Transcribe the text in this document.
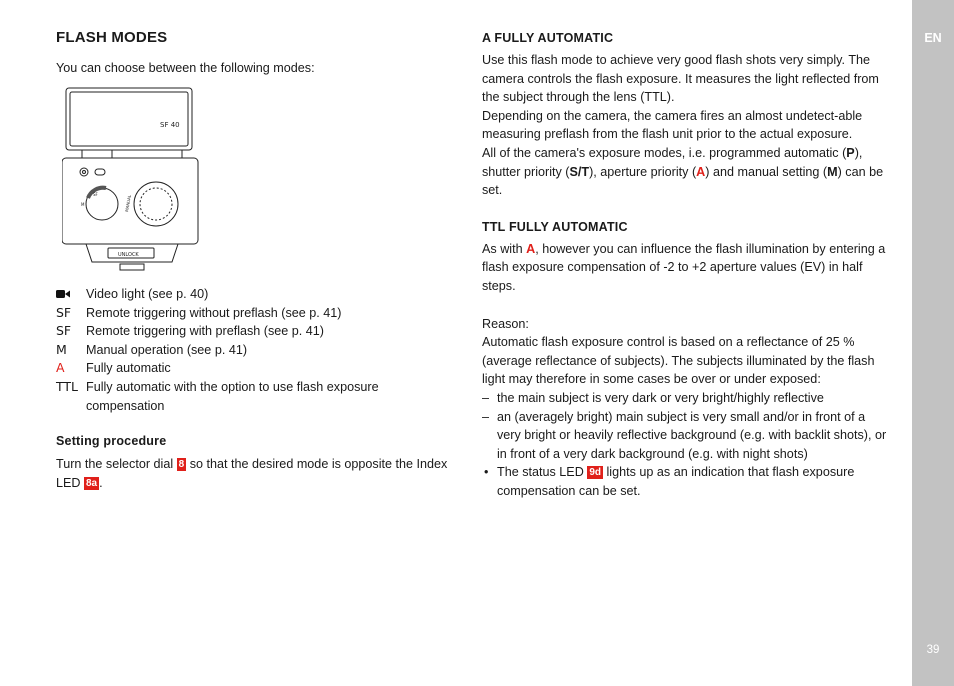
EN
39
FLASH MODES

You can choose between the following modes:

SF 40
SF
M	MANUAL
UNLOCK
Video light (see p. 40)
SF	Remote triggering without preflash (see p. 41)
SF	Remote triggering with preflash (see p. 41)
M	Manual operation (see p. 41)
A	Fully automatic
TTL Fully automatic with the option to use flash exposure compensation
Setting procedure

Turn the selector dial 8 so that the desired mode is opposite the Index LED 8a .

A FULLY AUTOMATIC

Use this flash mode to achieve very good flash shots very simply. The camera controls the flash exposure. It measures the light reflected from the subject through the lens (TTL).

Depending on the camera, the camera fires an almost undetect-able measuring preflash from the flash unit prior to the actual exposure.

All of the camera's exposure modes, i.e. programmed automatic (P), shutter priority (S/T), aperture priority (A) and manual setting (M) can be set.

TTL FULLY AUTOMATIC

As with A, however you can influence the flash illumination by entering a flash exposure compensation of -2 to +2 aperture values (EV) in half steps.

Reason:

Automatic flash exposure control is based on a reflectance of 25 % (average reflectance of subjects). The subjects illuminated by the flash light may therefore in some cases be over or under exposed:

– the main subject is very dark or very bright/highly reflective
– an (averagely bright) main subject is very small and/or in front of a very bright or heavily reflective background (e.g. with backlit shots), or in front of a very dark background (e.g. with night shots)
• The status LED 9d lights up as an indication that flash exposure compensation can be set.
